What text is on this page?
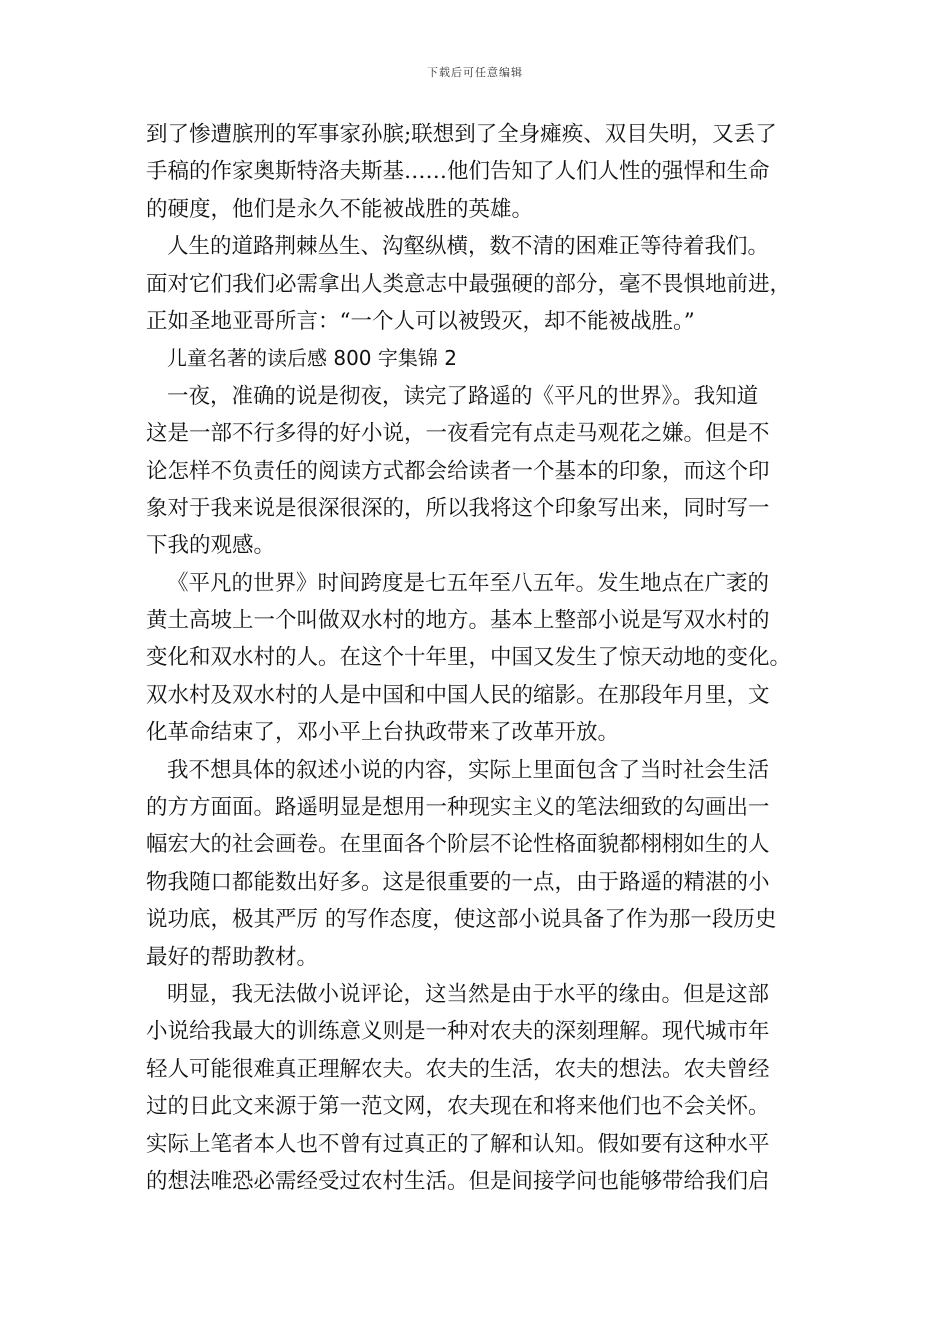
下载后可任意编辑
到了惨遭膑刑的军事家孙膑;联想到了全身瘫痪、双目失明，又丢了
手稿的作家奥斯特洛夫斯基……他们告知了人们人性的强悍和生命
的硬度，他们是永久不能被战胜的英雄。
人生的道路荆棘丛生、沟壑纵横，数不清的困难正等待着我们。
面对它们我们必需拿出人类意志中最强硬的部分，毫不畏惧地前进，
正如圣地亚哥所言：“一个人可以被毁灭，却不能被战胜。”
儿童名著的读后感 800 字集锦 2
一夜，准确的说是彻夜，读完了路遥的《平凡的世界》。我知道
这是一部不行多得的好小说，一夜看完有点走马观花之嫌。但是不
论怎样不负责任的阅读方式都会给读者一个基本的印象，而这个印
象对于我来说是很深很深的，所以我将这个印象写出来，同时写一
下我的观感。
《平凡的世界》时间跨度是七五年至八五年。发生地点在广袤的
黄土高坡上一个叫做双水村的地方。基本上整部小说是写双水村的
变化和双水村的人。在这个十年里，中国又发生了惊天动地的变化。
双水村及双水村的人是中国和中国人民的缩影。在那段年月里，文
化革命结束了，邓小平上台执政带来了改革开放。
我不想具体的叙述小说的内容，实际上里面包含了当时社会生活
的方方面面。路遥明显是想用一种现实主义的笔法细致的勾画出一
幅宏大的社会画卷。在里面各个阶层不论性格面貌都栩栩如生的人
物我随口都能数出好多。这是很重要的一点，由于路遥的精湛的小
说功底，极其严厉 的写作态度，使这部小说具备了作为那一段历史
最好的帮助教材。
明显，我无法做小说评论，这当然是由于水平的缘由。但是这部
小说给我最大的训练意义则是一种对农夫的深刻理解。现代城市年
轻人可能很难真正理解农夫。农夫的生活，农夫的想法。农夫曾经
过的日此文来源于第一范文网，农夫现在和将来他们也不会关怀。
实际上笔者本人也不曾有过真正的了解和认知。假如要有这种水平
的想法唯恐必需经受过农村生活。但是间接学问也能够带给我们启
